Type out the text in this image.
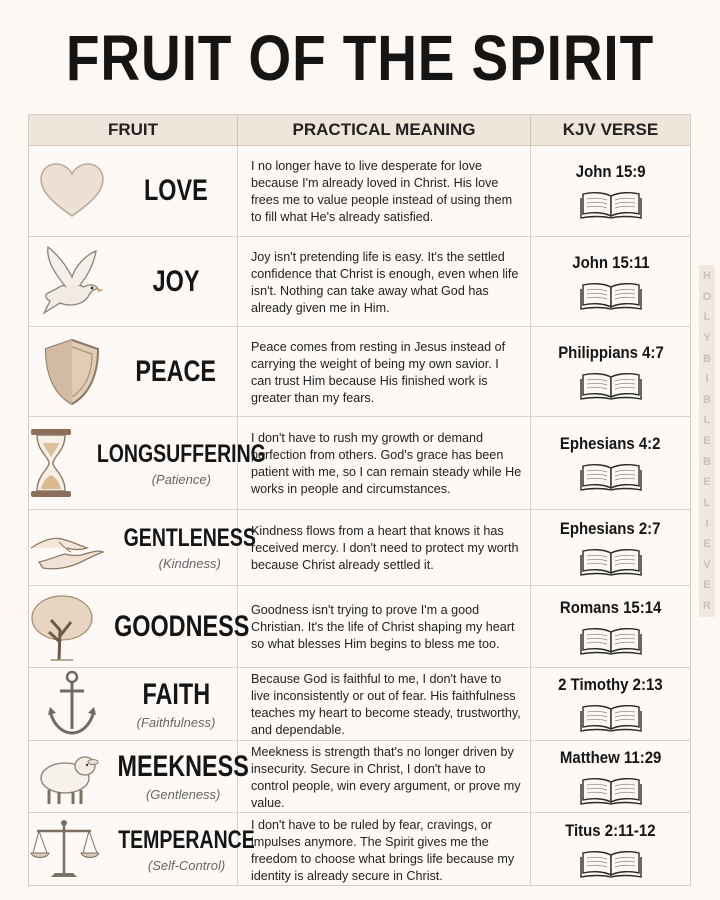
FRUIT OF THE SPIRIT
FRUIT	PRACTICAL MEANING	KJV VERSE
LOVE
I no longer have to live desperate for love because I'm already loved in Christ. His love frees me to value people instead of using them to fill what He's already satisfied.
John 15:9
JOY
Joy isn't pretending life is easy. It's the settled confidence that Christ is enough, even when life isn't. Nothing can take away what God has already given me in Him.
John 15:11
PEACE
Peace comes from resting in Jesus instead of carrying the weight of being my own savior. I can trust Him because His finished work is greater than my fears.
Philippians 4:7
LONGSUFFERING
(Patience)
I don't have to rush my growth or demand perfection from others. God's grace has been patient with me, so I can remain steady while He works in people and circumstances.
Ephesians 4:2
GENTLENESS
(Kindness)
Kindness flows from a heart that knows it has received mercy. I don't need to protect my worth because Christ already settled it.
Ephesians 2:7
GOODNESS Goodness isn't trying to prove I'm a good Christian. It's the life of Christ shaping my heart so what blesses Him begins to bless me too.
Romans 15:14
FAITH
(Faithfulness)
Because God is faithful to me, I don't have to live inconsistently or out of fear. His faithfulness teaches my heart to become steady, trustworthy, and dependable.
2 Timothy 2:13
MEEKNESS
(Gentleness)
Meekness is strength that's no longer driven by insecurity. Secure in Christ, I don't have to control people, win every argument, or prove my value.
Matthew 11:29
TEMPERANCE
(Self-Control)
I don't have to be ruled by fear, cravings, or impulses anymore. The Spirit gives me the freedom to choose what brings life because my identity is already secure in Christ.
Titus 2:11-12
H
O
L
Y
B
I
B
L
E
B
E
L
I
E
V
E
R
